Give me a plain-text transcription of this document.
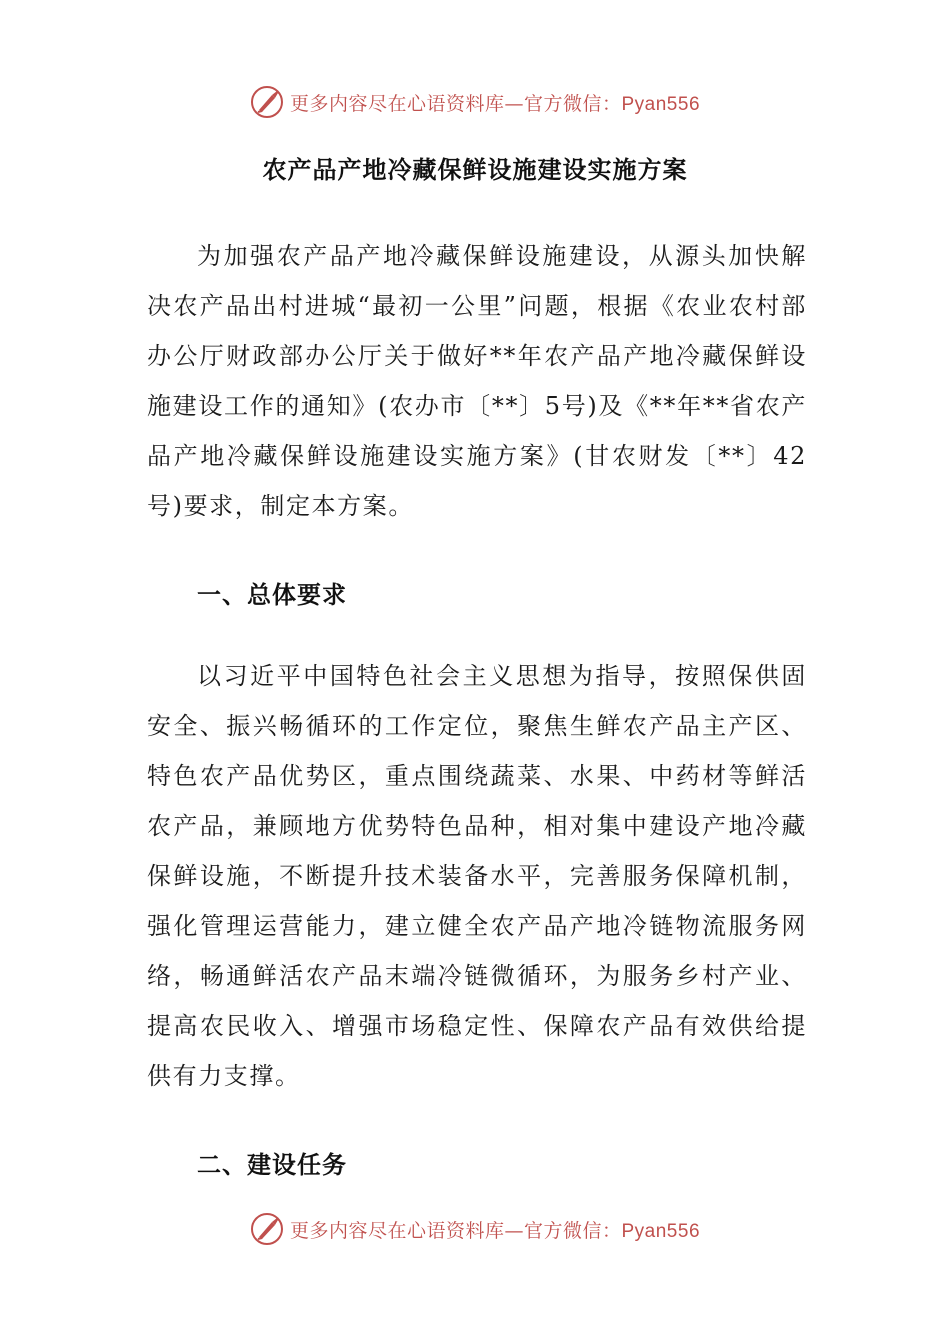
更多内容尽在心语资料库—官方微信：Pyan556
农产品产地冷藏保鲜设施建设实施方案

为加强农产品产地冷藏保鲜设施建设，从源头加快解决农产品出村进城“最初一公里”问题，根据《农业农村部办公厅财政部办公厅关于做好**年农产品产地冷藏保鲜设施建设工作的通知》(农办市〔**〕5号)及《**年**省农产品产地冷藏保鲜设施建设实施方案》(甘农财发〔**〕42号)要求，制定本方案。

一、总体要求

以习近平中国特色社会主义思想为指导，按照保供固安全、振兴畅循环的工作定位，聚焦生鲜农产品主产区、特色农产品优势区，重点围绕蔬菜、水果、中药材等鲜活农产品，兼顾地方优势特色品种，相对集中建设产地冷藏保鲜设施，不断提升技术装备水平，完善服务保障机制，强化管理运营能力，建立健全农产品产地冷链物流服务网络，畅通鲜活农产品末端冷链微循环，为服务乡村产业、提高农民收入、增强市场稳定性、保障农产品有效供给提供有力支撑。

二、建设任务
更多内容尽在心语资料库—官方微信：Pyan556
